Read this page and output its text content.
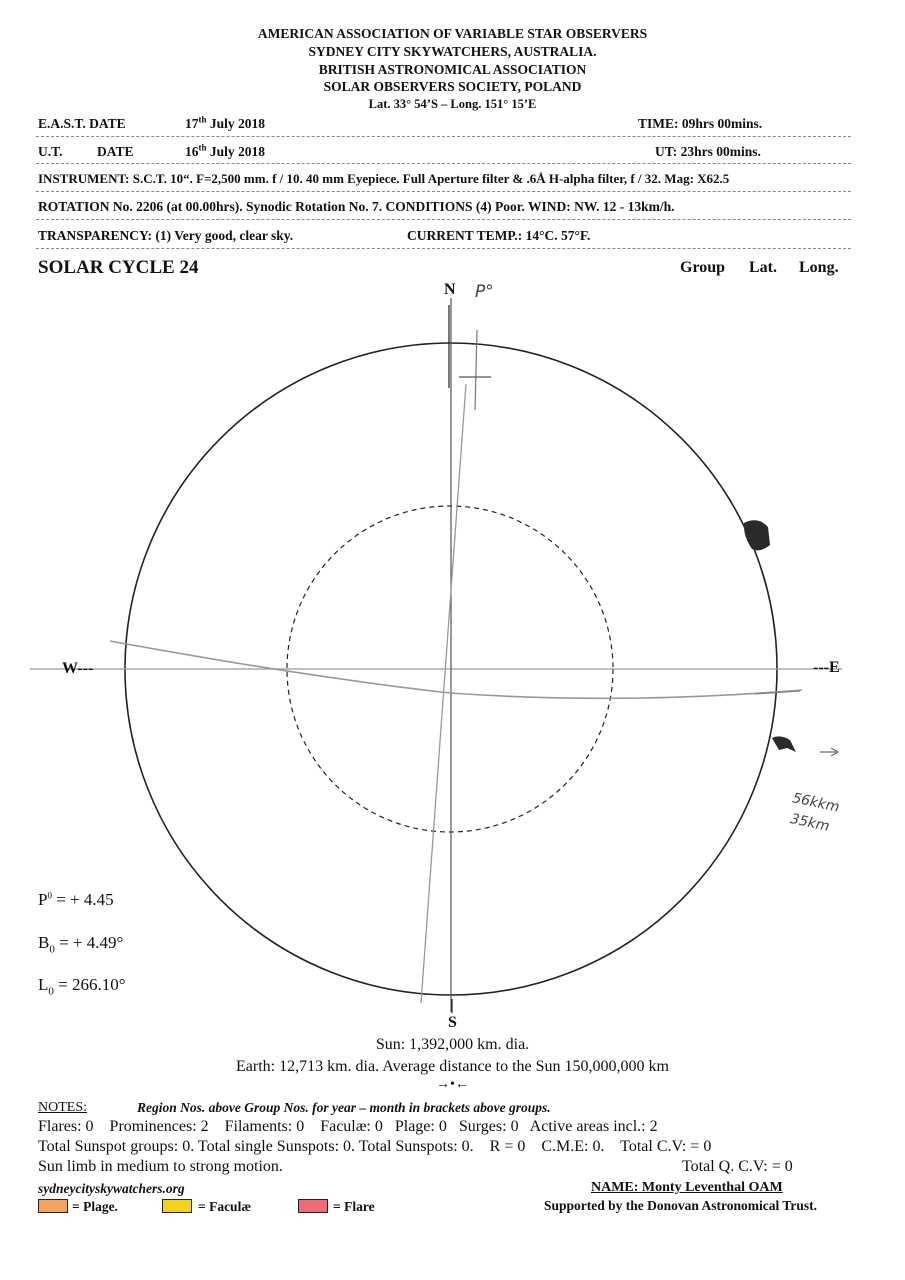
AMERICAN ASSOCIATION OF VARIABLE STAR OBSERVERS
SYDNEY CITY SKYWATCHERS, AUSTRALIA.
BRITISH ASTRONOMICAL ASSOCIATION
SOLAR OBSERVERS SOCIETY, POLAND
Lat. 33° 54’S – Long. 151° 15’E
E.A.S.T. DATE	17th July 2018	TIME: 09hrs 00mins.
U.T.	DATE	16th July 2018	UT: 23hrs 00mins.
INSTRUMENT: S.C.T. 10“. F=2,500 mm. f / 10. 40 mm Eyepiece. Full Aperture filter & .6Å H-alpha filter, f / 32. Mag: X62.5
ROTATION No. 2206 (at 00.00hrs). Synodic Rotation No. 7. CONDITIONS (4) Poor. WIND: NW. 12 - 13km/h.
TRANSPARENCY: (1) Very good, clear sky.	CURRENT TEMP.: 14°C. 57°F.
SOLAR CYCLE 24	Group Lat. Long.
N
S
W---	---E
P°
56kkm
35km
$P^0$ = + 4.45
$B_0$ = + 4.49°
$L_0 = 266.10^\circ$
Sun: 1,392,000 km. dia.
Earth: 12,713 km. dia. Average distance to the Sun 150,000,000 km
→•←
NOTES:	Region Nos. above Group Nos. for year – month in brackets above groups.
Flares: 0    Prominences: 2    Filaments: 0    Faculæ: 0   Plage: 0   Surges: 0   Active areas incl.: 2
Total Sunspot groups: 0. Total single Sunspots: 0. Total Sunspots: 0.    R = 0    C.M.E: 0.    Total C.V: = 0
Sun limb in medium to strong motion.	Total Q. C.V: = 0
sydneycityskywatchers.org	NAME: Monty Leventhal OAM
Supported by the Donovan Astronomical Trust.
= Plage.	= Faculæ	= Flare
